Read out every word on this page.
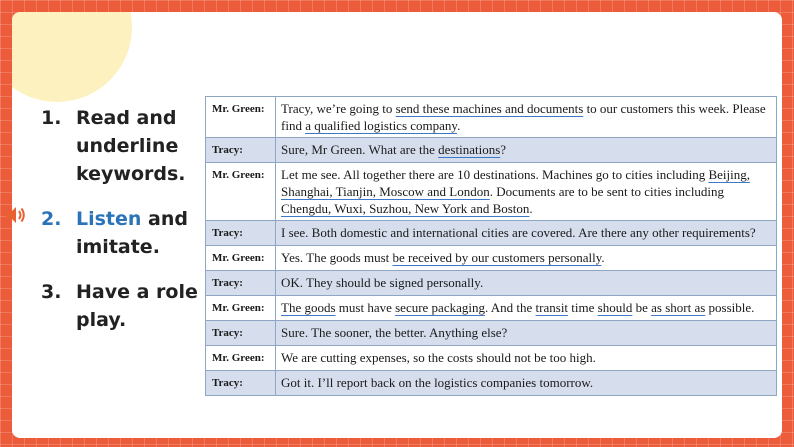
1. Read and underline keywords.
2. Listen and imitate.
3. Have a role play.
Mr. Green:	Tracy, we’re going to send these machines and documents to our customers this week. Please find a qualified logistics company.
Tracy:	Sure, Mr Green. What are the destinations?
Mr. Green:	Let me see. All together there are 10 destinations. Machines go to cities including Beijing, Shanghai, Tianjin, Moscow and London. Documents are to be sent to cities including Chengdu, Wuxi, Suzhou, New York and Boston.
Tracy:	I see. Both domestic and international cities are covered. Are there any other requirements?
Mr. Green:	Yes. The goods must be received by our customers personally.
Tracy:	OK. They should be signed personally.
Mr. Green:	The goods must have secure packaging. And the transit time should be as short as possible.
Tracy:	Sure. The sooner, the better. Anything else?
Mr. Green:	We are cutting expenses, so the costs should not be too high.
Tracy:	Got it. I’ll report back on the logistics companies tomorrow.
